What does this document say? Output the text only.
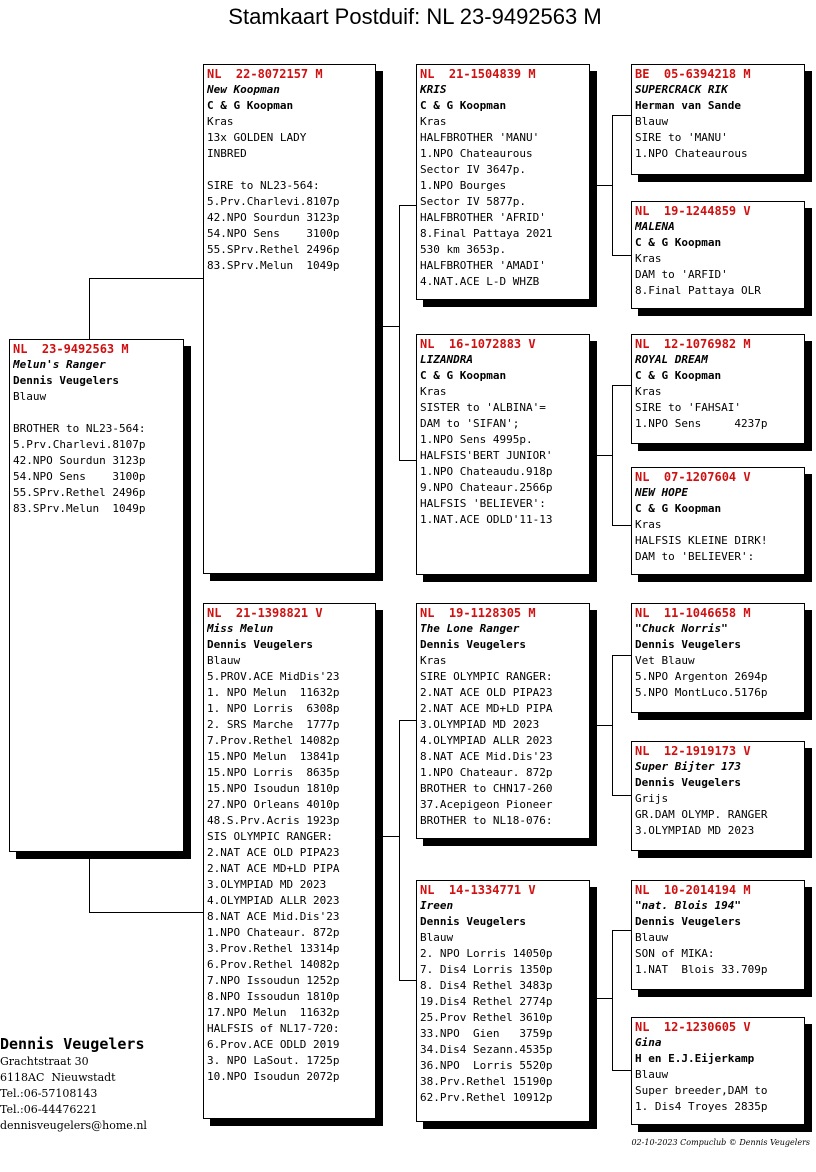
Stamkaart Postduif: NL 23-9492563 M
NL  23-9492563 M
Melun's Ranger
Dennis Veugelers
Blauw
BROTHER to NL23-564:
5.Prv.Charlevi.8107p
42.NPO Sourdun 3123p
54.NPO Sens    3100p
55.SPrv.Rethel 2496p
83.SPrv.Melun  1049p
NL  22-8072157 M
New Koopman
C & G Koopman
Kras
13x GOLDEN LADY
INBRED
SIRE to NL23-564:
5.Prv.Charlevi.8107p
42.NPO Sourdun 3123p
54.NPO Sens    3100p
55.SPrv.Rethel 2496p
83.SPrv.Melun  1049p
NL  21-1398821 V
Miss Melun
Dennis Veugelers
Blauw
5.PROV.ACE MidDis'23
1. NPO Melun  11632p
1. NPO Lorris  6308p
2. SRS Marche  1777p
7.Prov.Rethel 14082p
15.NPO Melun  13841p
15.NPO Lorris  8635p
15.NPO Isoudun 1810p
27.NPO Orleans 4010p
48.S.Prv.Acris 1923p
SIS OLYMPIC RANGER:
2.NAT ACE OLD PIPA23
2.NAT ACE MD+LD PIPA
3.OLYMPIAD MD 2023
4.OLYMPIAD ALLR 2023
8.NAT ACE Mid.Dis'23
1.NPO Chateaur. 872p
3.Prov.Rethel 13314p
6.Prov.Rethel 14082p
7.NPO Issoudun 1252p
8.NPO Issoudun 1810p
17.NPO Melun  11632p
HALFSIS of NL17-720:
6.Prov.ACE ODLD 2019
3. NPO LaSout. 1725p
10.NPO Isoudun 2072p
NL  21-1504839 M
KRIS
C & G Koopman
Kras
HALFBROTHER 'MANU'
1.NPO Chateaurous
Sector IV 3647p.
1.NPO Bourges
Sector IV 5877p.
HALFBROTHER 'AFRID'
8.Final Pattaya 2021
530 km 3653p.
HALFBROTHER 'AMADI'
4.NAT.ACE L-D WHZB
NL  16-1072883 V
LIZANDRA
C & G Koopman
Kras
SISTER to 'ALBINA'=
DAM to 'SIFAN';
1.NPO Sens 4995p.
HALFSIS'BERT JUNIOR'
1.NPO Chateaudu.918p
9.NPO Chateaur.2566p
HALFSIS 'BELIEVER':
1.NAT.ACE ODLD'11-13
NL  19-1128305 M
The Lone Ranger
Dennis Veugelers
Kras
SIRE OLYMPIC RANGER:
2.NAT ACE OLD PIPA23
2.NAT ACE MD+LD PIPA
3.OLYMPIAD MD 2023
4.OLYMPIAD ALLR 2023
8.NAT ACE Mid.Dis'23
1.NPO Chateaur. 872p
BROTHER to CHN17-260
37.Acepigeon Pioneer
BROTHER to NL18-076:
NL  14-1334771 V
Ireen
Dennis Veugelers
Blauw
2. NPO Lorris 14050p
7. Dis4 Lorris 1350p
8. Dis4 Rethel 3483p
19.Dis4 Rethel 2774p
25.Prov Rethel 3610p
33.NPO  Gien   3759p
34.Dis4 Sezann.4535p
36.NPO  Lorris 5520p
38.Prv.Rethel 15190p
62.Prv.Rethel 10912p
BE  05-6394218 M
SUPERCRACK RIK
Herman van Sande
Blauw
SIRE to 'MANU'
1.NPO Chateaurous
NL  19-1244859 V
MALENA
C & G Koopman
Kras
DAM to 'ARFID'
8.Final Pattaya OLR
NL  12-1076982 M
ROYAL DREAM
C & G Koopman
Kras
SIRE to 'FAHSAI'
1.NPO Sens     4237p
NL  07-1207604 V
NEW HOPE
C & G Koopman
Kras
HALFSIS KLEINE DIRK!
DAM to 'BELIEVER':
NL  11-1046658 M
"Chuck Norris"
Dennis Veugelers
Vet Blauw
5.NPO Argenton 2694p
5.NPO MontLuco.5176p
NL  12-1919173 V
Super Bijter 173
Dennis Veugelers
Grijs
GR.DAM OLYMP. RANGER
3.OLYMPIAD MD 2023
NL  10-2014194 M
"nat. Blois 194"
Dennis Veugelers
Blauw
SON of MIKA:
1.NAT  Blois 33.709p
NL  12-1230605 V
Gina
H en E.J.Eijerkamp
Blauw
Super breeder,DAM to
1. Dis4 Troyes 2835p
Dennis Veugelers
Grachtstraat 30
6118AC  Nieuwstadt
Tel.:06-57108143
Tel.:06-44476221
dennisveugelers@home.nl
02-10-2023 Compuclub © Dennis Veugelers
